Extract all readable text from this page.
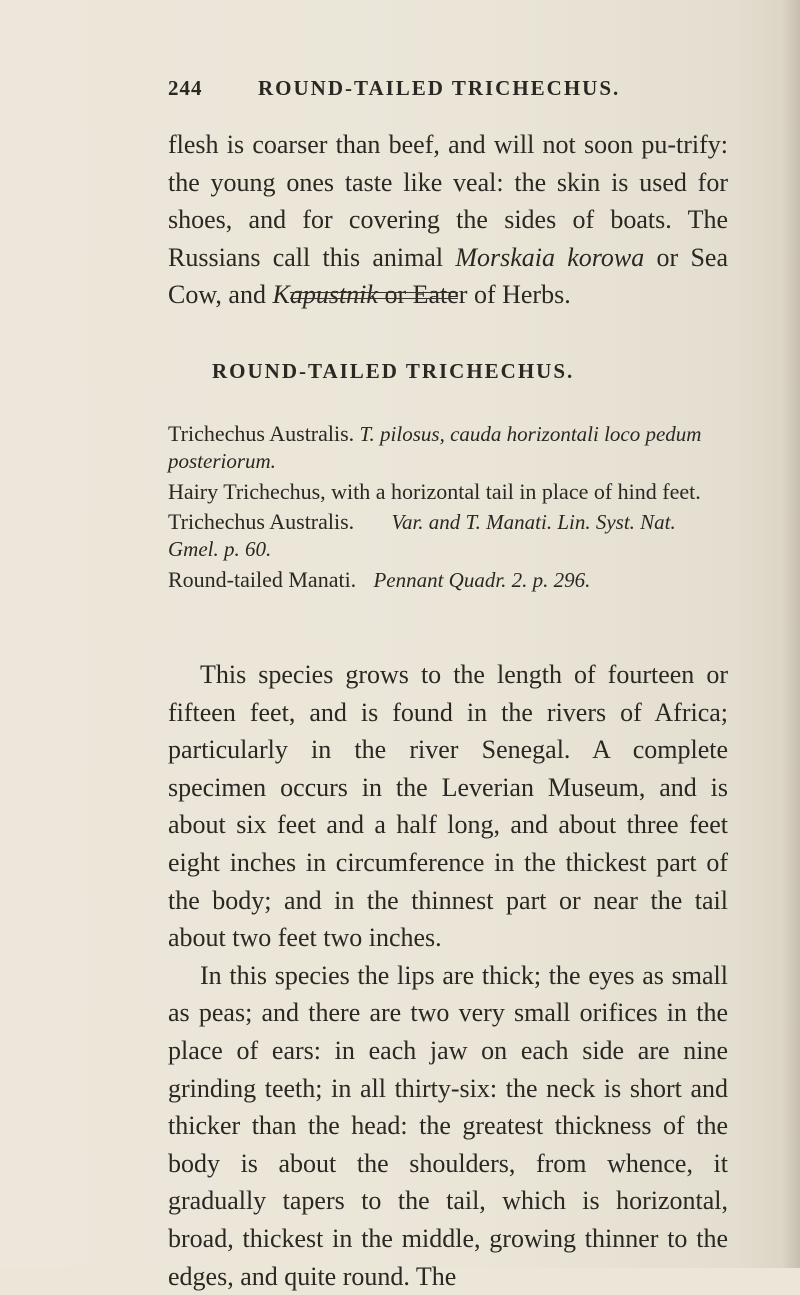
244	ROUND-TAILED TRICHECHUS.

flesh is coarser than beef, and will not soon pu-trify: the young ones taste like veal: the skin is used for shoes, and for covering the sides of boats. The Russians call this animal Morskaia korowa or Sea Cow, and Kapustnik or Eater of Herbs.

ROUND-TAILED TRICHECHUS.
Trichechus Australis. T. pilosus, cauda horizontali loco pedum posteriorum.
Hairy Trichechus, with a horizontal tail in place of hind feet.
Trichechus Australis. Var. and T. Manati. Lin. Syst. Nat. Gmel. p. 60.
Round-tailed Manati. Pennant Quadr. 2. p. 296.

This species grows to the length of fourteen or fifteen feet, and is found in the rivers of Africa; particularly in the river Senegal. A complete specimen occurs in the Leverian Museum, and is about six feet and a half long, and about three feet eight inches in circumference in the thickest part of the body; and in the thinnest part or near the tail about two feet two inches.

In this species the lips are thick; the eyes as small as peas; and there are two very small orifices in the place of ears: in each jaw on each side are nine grinding teeth; in all thirty-six: the neck is short and thicker than the head: the greatest thickness of the body is about the shoulders, from whence, it gradually tapers to the tail, which is horizontal, broad, thickest in the middle, growing thinner to the edges, and quite round. The
